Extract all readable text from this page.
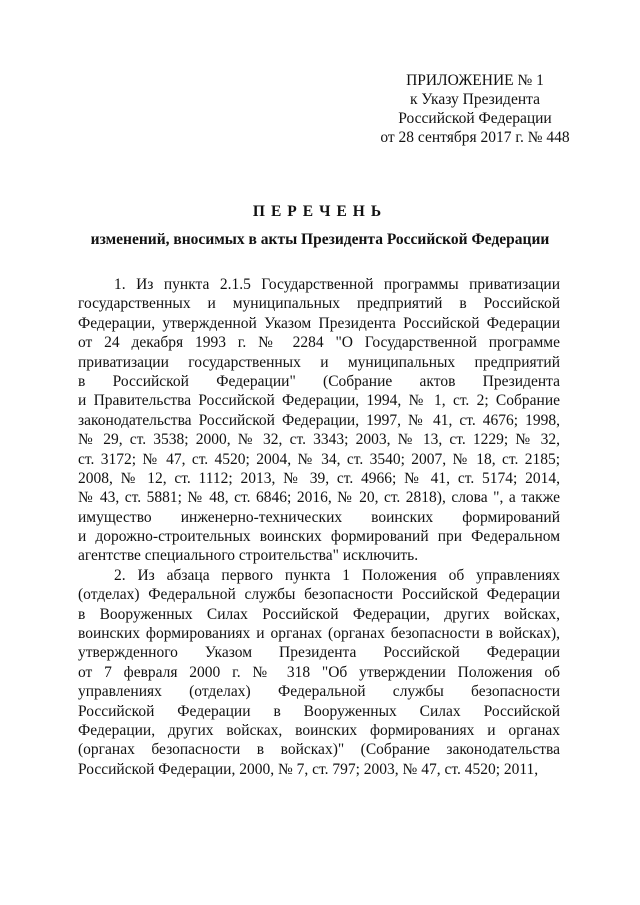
ПРИЛОЖЕНИЕ № 1
к Указу Президента
Российской Федерации
от 28 сентября 2017 г. № 448
ПЕРЕЧЕНЬ
изменений, вносимых в акты Президента Российской Федерации
1. Из пункта 2.1.5 Государственной программы приватизации
государственных и муниципальных предприятий в Российской
Федерации, утвержденной Указом Президента Российской Федерации
от 24 декабря 1993 г. № 2284 "О Государственной программе
приватизации государственных и муниципальных предприятий
в Российской Федерации" (Собрание актов Президента
и Правительства Российской Федерации, 1994, № 1, ст. 2; Собрание
законодательства Российской Федерации, 1997, № 41, ст. 4676; 1998,
№ 29, ст. 3538; 2000, № 32, ст. 3343; 2003, № 13, ст. 1229; № 32,
ст. 3172; № 47, ст. 4520; 2004, № 34, ст. 3540; 2007, № 18, ст. 2185;
2008, № 12, ст. 1112; 2013, № 39, ст. 4966; № 41, ст. 5174; 2014,
№ 43, ст. 5881; № 48, ст. 6846; 2016, № 20, ст. 2818), слова ", а также
имущество инженерно-технических воинских формирований
и дорожно-строительных воинских формирований при Федеральном
агентстве специального строительства" исключить.
2. Из абзаца первого пункта 1 Положения об управлениях
(отделах) Федеральной службы безопасности Российской Федерации
в Вооруженных Силах Российской Федерации, других войсках,
воинских формированиях и органах (органах безопасности в войсках),
утвержденного Указом Президента Российской Федерации
от 7 февраля 2000 г. № 318 "Об утверждении Положения об
управлениях (отделах) Федеральной службы безопасности
Российской Федерации в Вооруженных Силах Российской
Федерации, других войсках, воинских формированиях и органах
(органах безопасности в войсках)" (Собрание законодательства
Российской Федерации, 2000, № 7, ст. 797; 2003, № 47, ст. 4520; 2011,
